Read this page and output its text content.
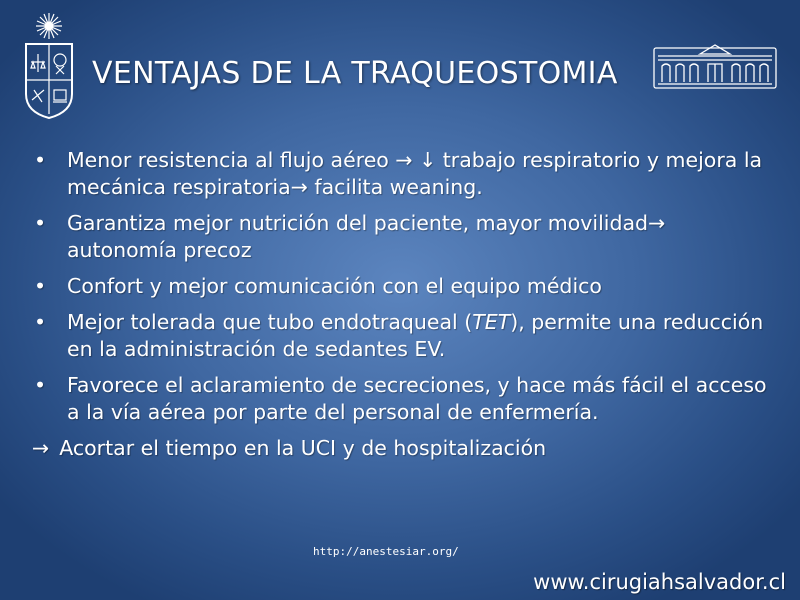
VENTAJAS DE LA TRAQUEOSTOMIA
• Menor resistencia al flujo aéreo → ↓ trabajo respiratorio y mejora la mecánica respiratoria→ facilita weaning.
• Garantiza mejor nutrición del paciente, mayor movilidad→ autonomía precoz
• Confort y mejor comunicación con el equipo médico
• Mejor tolerada que tubo endotraqueal (TET), permite una reducción en la administración de sedantes EV.
• Favorece el aclaramiento de secreciones, y hace más fácil el acceso a la vía aérea por parte del personal de enfermería.
→ Acortar el tiempo en la UCI y de hospitalización
http://anestesiar.org/
www.cirugiahsalvador.cl
